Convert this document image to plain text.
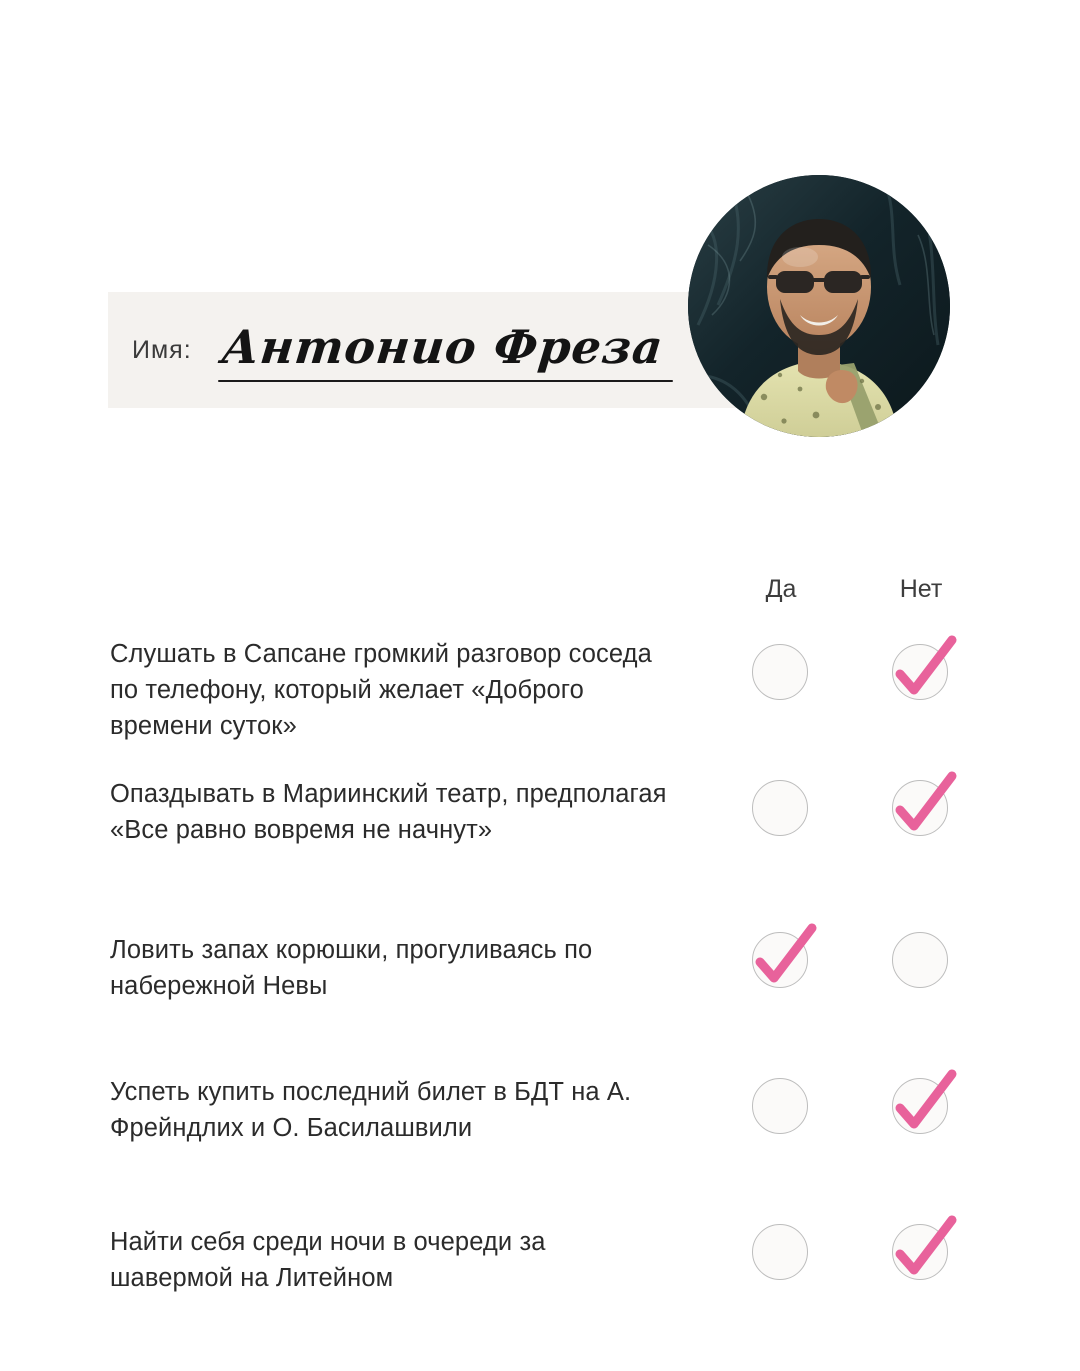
Имя: Антонио Фреза
Да	Нет
Слушать в Сапсане громкий разговор соседа по телефону, который желает «Доброго времени суток»
Опаздывать в Мариинский театр, предполагая «Все равно вовремя не начнут»
Ловить запах корюшки, прогуливаясь по набережной Невы
Успеть купить последний билет в БДТ на А. Фрейндлих и О. Басилашвили
Найти себя среди ночи в очереди за шавермой на Литейном
